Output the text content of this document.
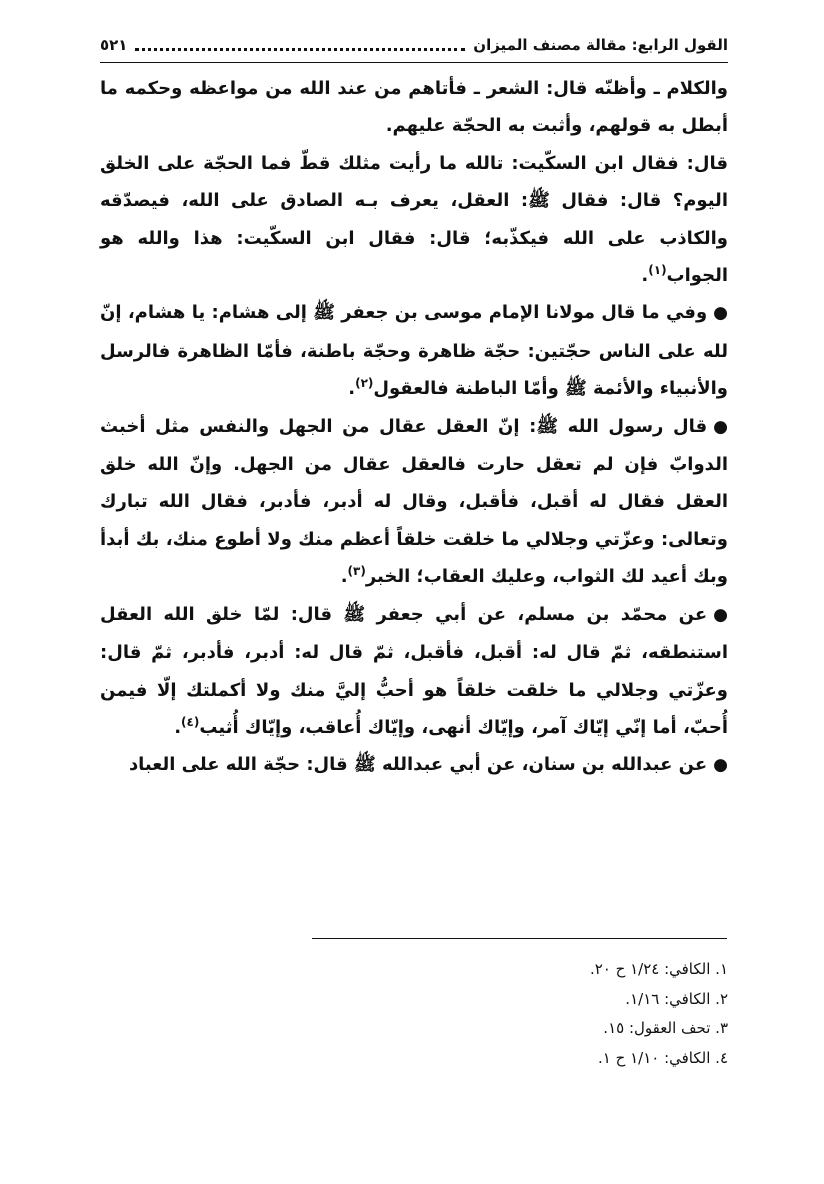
القول الرابع: مقالة مصنف الميزان
٥٢١

والكلام ـ وأظنّه قال: الشعر ـ فأتاهم من عند الله من مواعظه وحكمه ما أبطل به قولهم، وأثبت به الحجّة عليهم.

قال: فقال ابن السكّيت: تالله ما رأيت مثلك قطّ فما الحجّة على الخلق اليوم؟ قال: فقال ﷺ: العقل، يعرف بـه الصادق على الله، فيصدّقه والكاذب على الله فيكذّبه؛ قال: فقال ابن السكّيت: هذا والله هو الجواب$^{(١)}$.

●وفي ما قال مولانا الإمام موسى بن جعفر ﷺ إلى هشام: يا هشام، إنّ لله على الناس حجّتين: حجّة ظاهرة وحجّة باطنة، فأمّا الظاهرة فالرسل والأنبياء والأئمة ﷺ وأمّا الباطنة فالعقول$^{(٢)}$.

●قال رسول الله ﷺ: إنّ العقل عقال من الجهل والنفس مثل أخبث الدوابّ فإن لم تعقل حارت فالعقل عقال من الجهل. وإنّ الله خلق العقل فقال له أقبل، فأقبل، وقال له أدبر، فأدبر، فقال الله تبارك وتعالى: وعزّتي وجلالي ما خلقت خلقاً أعظم منك ولا أطوع منك، بك أبدأ وبك أعيد لك الثواب، وعليك العقاب؛ الخبر$^{(٣)}$.

●عن محمّد بن مسلم، عن أبي جعفر ﷺ قال: لمّا خلق الله العقل استنطقه، ثمّ قال له: أقبل، فأقبل، ثمّ قال له: أدبر، فأدبر، ثمّ قال: وعزّتي وجلالي ما خلقت خلقاً هو أحبُّ إليَّ منك ولا أكملتك إلّا فيمن أُحبّ، أما إنّي إيّاك آمر، وإيّاك أنهى، وإيّاك أُعاقب، وإيّاك أُثيب$^{(٤)}$.

●عن عبدالله بن سنان، عن أبي عبدالله ﷺ قال: حجّة الله على العباد

١. الكافي: ١/٢٤ ح ٢٠.
٢. الكافي: ١/١٦.
٣. تحف العقول: ١٥.
٤. الكافي: ١/١٠ ح ١.
